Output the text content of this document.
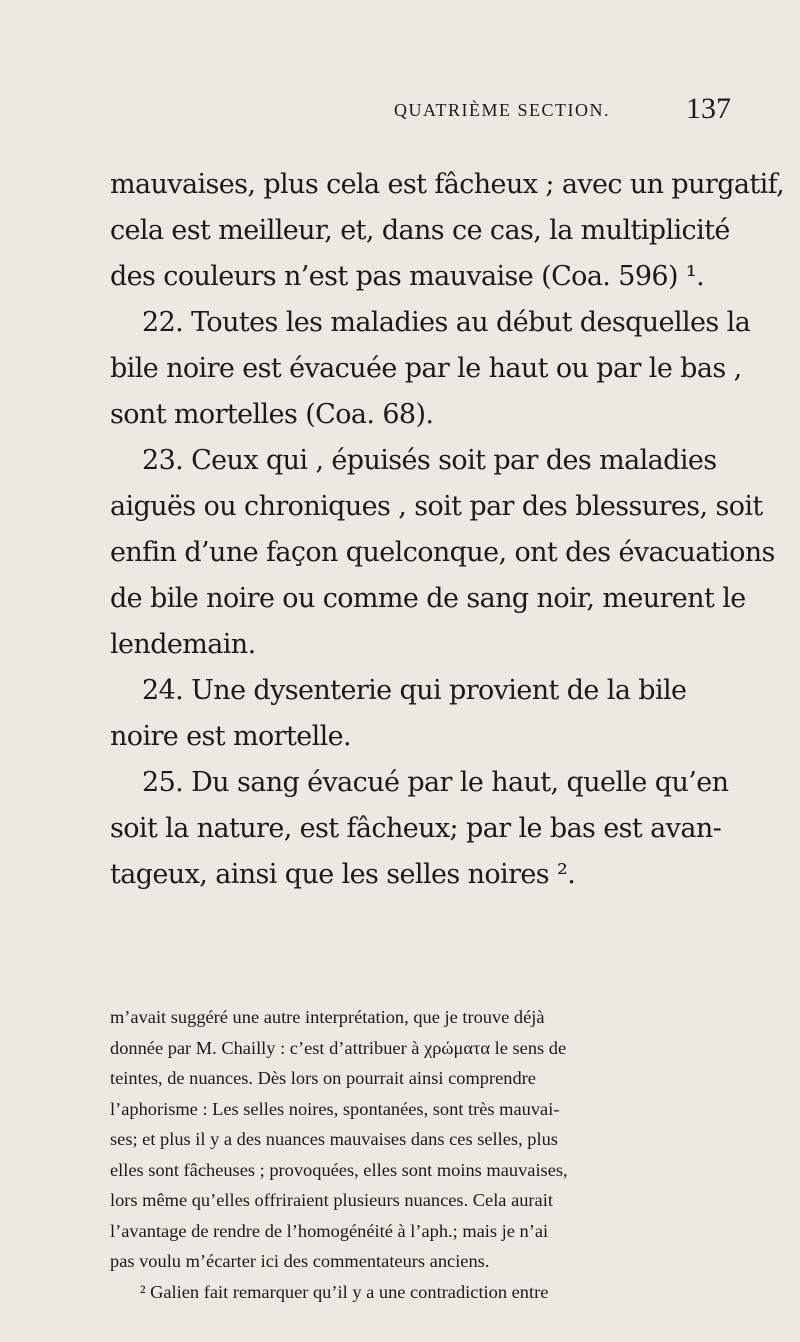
QUATRIÈME SECTION.	137
mauvaises, plus cela est fâcheux ; avec un purgatif,
cela est meilleur, et, dans ce cas, la multiplicité
des couleurs n’est pas mauvaise (Coa. 596) ¹.
22. Toutes les maladies au début desquelles la
bile noire est évacuée par le haut ou par le bas ,
sont mortelles (Coa. 68).
23. Ceux qui , épuisés soit par des maladies
aiguës ou chroniques , soit par des blessures, soit
enfin d’une façon quelconque, ont des évacuations
de bile noire ou comme de sang noir, meurent le
lendemain.
24. Une dysenterie qui provient de la bile
noire est mortelle.
25. Du sang évacué par le haut, quelle qu’en
soit la nature, est fâcheux; par le bas est avan-
tageux, ainsi que les selles noires ².
m’avait suggéré une autre interprétation, que je trouve déjà
donnée par M. Chailly : c’est d’attribuer à χρώματα le sens de
teintes, de nuances. Dès lors on pourrait ainsi comprendre
l’aphorisme : Les selles noires, spontanées, sont très mauvai-
ses; et plus il y a des nuances mauvaises dans ces selles, plus
elles sont fâcheuses ; provoquées, elles sont moins mauvaises,
lors même qu’elles offriraient plusieurs nuances. Cela aurait
l’avantage de rendre de l’homogénéité à l’aph.; mais je n’ai
pas voulu m’écarter ici des commentateurs anciens.
² Galien fait remarquer qu’il y a une contradiction entre
